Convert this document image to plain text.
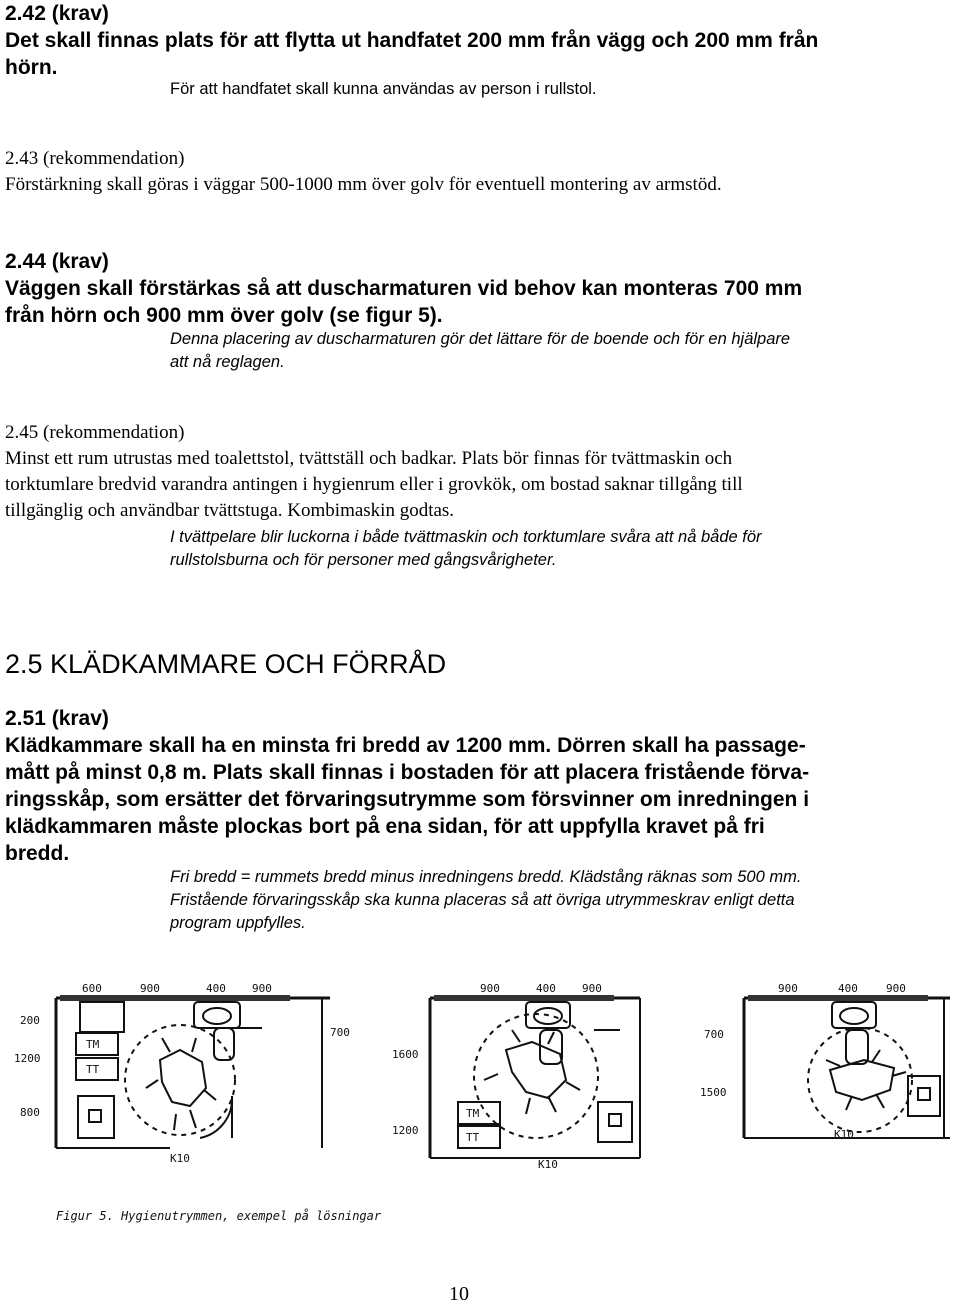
2.42 (krav)
Det skall finnas plats för att flytta ut handfatet 200 mm från vägg och 200 mm från
hörn.
För att handfatet skall kunna användas av person i rullstol.
2.43 (rekommendation)
Förstärkning skall göras i väggar 500-1000 mm över golv för eventuell montering av armstöd.
2.44 (krav)
Väggen skall förstärkas så att duscharmaturen vid behov kan monteras 700 mm
från hörn och 900 mm över golv (se figur 5).
Denna placering av duscharmaturen gör det lättare för de boende och för en hjälpare
att nå reglagen.
2.45 (rekommendation)
Minst ett rum utrustas med toalettstol, tvättställ och badkar. Plats bör finnas för tvättmaskin och
torktumlare bredvid varandra antingen i hygienrum eller i grovkök, om bostad saknar tillgång till
tillgänglig och användbar tvättstuga. Kombimaskin godtas.
I tvättpelare blir luckorna i både tvättmaskin och torktumlare svåra att nå både för
rullstolsburna och för personer med gångsvårigheter.
2.5 KLÄDKAMMARE OCH FÖRRÅD
2.51 (krav)
Klädkammare skall ha en minsta fri bredd av 1200 mm. Dörren skall ha passage-
mått på minst 0,8 m. Plats skall finnas i bostaden för att placera fristående förva-
ringsskåp, som ersätter det förvaringsutrymme som försvinner om inredningen i
klädkammaren måste plockas bort på ena sidan, för att uppfylla kravet på fri
bredd.
Fri bredd = rummets bredd minus inredningens bredd. Klädstång räknas som 500 mm.
Fristående förvaringsskåp ska kunna placeras så att övriga utrymmeskrav enligt detta
program uppfylles.
600	900	400 900
200
1200
800
700
TM
TT
K10
900	400 900
1600
1200
TM
TT
K10
900	400	900
700
1500
K10
Figur 5. Hygienutrymmen, exempel på lösningar
10
